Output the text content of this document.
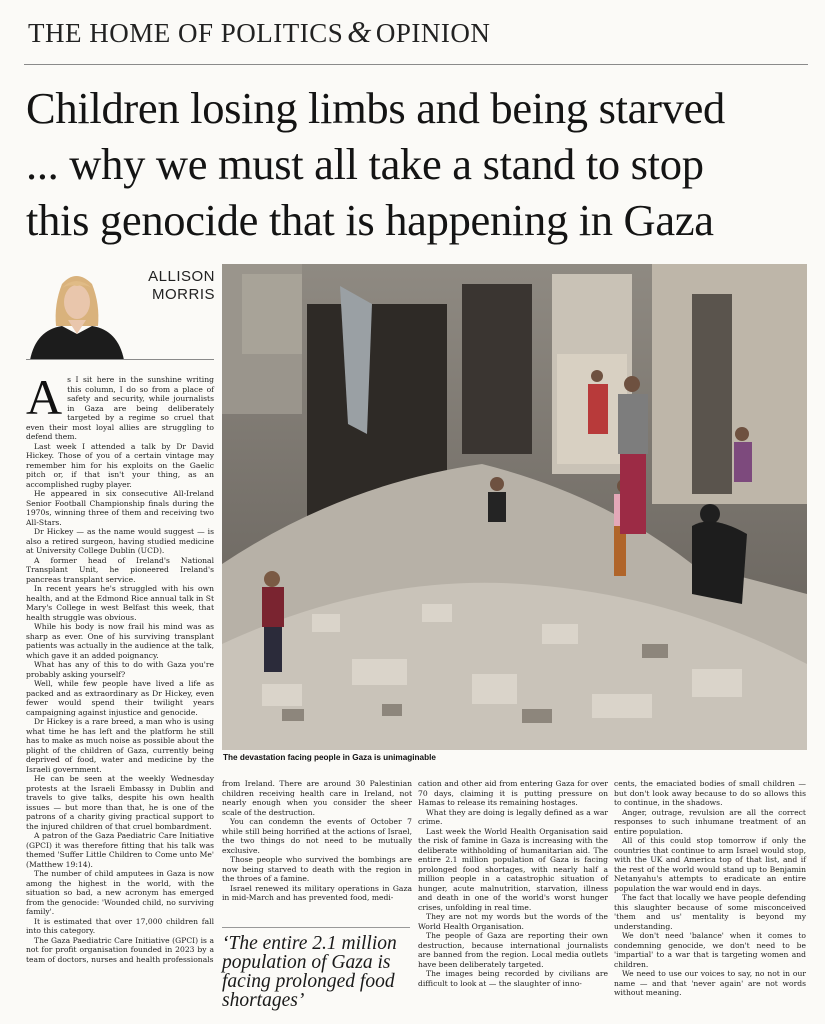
THE HOME OF POLITICS & OPINION
Children losing limbs and being starved
... why we must all take a stand to stop
this genocide that is happening in Gaza
ALLISON
MORRIS
The devastation facing people in Gaza is unimaginable
A s I sit here in the sunshine writing this column, I do so from a place of safety and security, while journalists in Gaza are being deliberately targeted by a regime so cruel that even their most loyal allies are struggling to defend them.

Last week I attended a talk by Dr David Hickey. Those of you of a certain vintage may remember him for his exploits on the Gaelic pitch or, if that isn't your thing, as an accomplished rugby player.

He appeared in six consecutive All-Ireland Senior Football Championship finals during the 1970s, winning three of them and receiving two All-Stars.

Dr Hickey — as the name would suggest — is also a retired surgeon, having studied medicine at University College Dublin (UCD).

A former head of Ireland's National Transplant Unit, he pioneered Ireland's pancreas transplant service.

In recent years he's struggled with his own health, and at the Edmond Rice annual talk in St Mary's College in west Belfast this week, that health struggle was obvious.

While his body is now frail his mind was as sharp as ever. One of his surviving transplant patients was actually in the audience at the talk, which gave it an added poignancy.

What has any of this to do with Gaza you're probably asking yourself?

Well, while few people have lived a life as packed and as extraordinary as Dr Hickey, even fewer would spend their twilight years campaigning against injustice and genocide.

Dr Hickey is a rare breed, a man who is using what time he has left and the platform he still has to make as much noise as possible about the plight of the children of Gaza, currently being deprived of food, water and medicine by the Israeli government.

He can be seen at the weekly Wednesday protests at the Israeli Embassy in Dublin and travels to give talks, despite his own health issues — but more than that, he is one of the patrons of a charity giving practical support to the injured children of that cruel bombardment.

A patron of the Gaza Paediatric Care Initiative (GPCI) it was therefore fitting that his talk was themed 'Suffer Little Children to Come unto Me' (Matthew 19:14).

The number of child amputees in Gaza is now among the highest in the world, with the situation so bad, a new acronym has emerged from the genocide: 'Wounded child, no surviving family'.

It is estimated that over 17,000 children fall into this category.

The Gaza Paediatric Care Initiative (GPCI) is a not for profit organisation founded in 2023 by a team of doctors, nurses and health professionals

from Ireland. There are around 30 Palestinian children receiving health care in Ireland, not nearly enough when you consider the sheer scale of the destruction.

You can condemn the events of October 7 while still being horrified at the actions of Israel, the two things do not need to be mutually exclusive.

Those people who survived the bombings are now being starved to death with the region in the throes of a famine.

Israel renewed its military operations in Gaza in mid-March and has prevented food, medi-

‘The entire 2.1 million population of Gaza is facing prolonged food shortages’

cation and other aid from entering Gaza for over 70 days, claiming it is putting pressure on Hamas to release its remaining hostages.

What they are doing is legally defined as a war crime.

Last week the World Health Organisation said the risk of famine in Gaza is increasing with the deliberate withholding of humanitarian aid. The entire 2.1 million population of Gaza is facing prolonged food shortages, with nearly half a million people in a catastrophic situation of hunger, acute malnutrition, starvation, illness and death in one of the world's worst hunger crises, unfolding in real time.

They are not my words but the words of the World Health Organisation.

The people of Gaza are reporting their own destruction, because international journalists are banned from the region. Local media outlets have been deliberately targeted.

The images being recorded by civilians are difficult to look at — the slaughter of inno-

cents, the emaciated bodies of small children — but don't look away because to do so allows this to continue, in the shadows.

Anger, outrage, revulsion are all the correct responses to such inhumane treatment of an entire population.

All of this could stop tomorrow if only the countries that continue to arm Israel would stop, with the UK and America top of that list, and if the rest of the world would stand up to Benjamin Netanyahu's attempts to eradicate an entire population the war would end in days.

The fact that locally we have people defending this slaughter because of some misconceived 'them and us' mentality is beyond my understanding.

We don't need 'balance' when it comes to condemning genocide, we don't need to be 'impartial' to a war that is targeting women and children.

We need to use our voices to say, no not in our name — and that 'never again' are not words without meaning.
